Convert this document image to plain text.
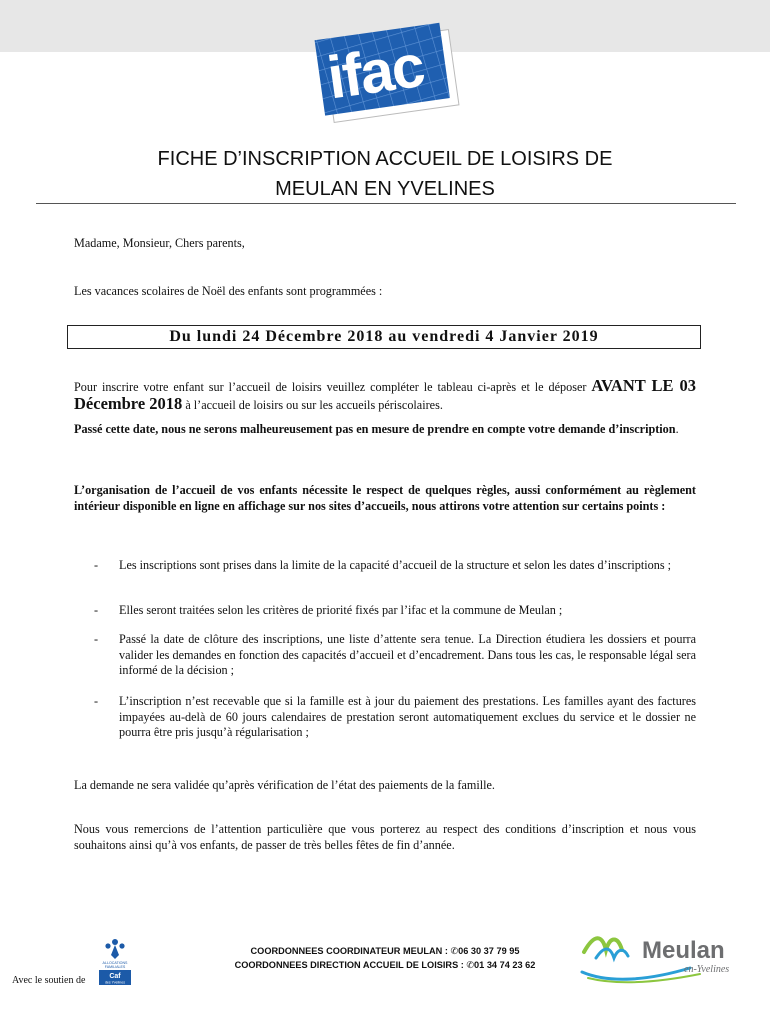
ifac
FICHE D’INSCRIPTION ACCUEIL DE LOISIRS DE
MEULAN EN YVELINES
Madame, Monsieur, Chers parents,
Les vacances scolaires de Noël des enfants sont programmées :
Du lundi 24 Décembre 2018 au vendredi 4 Janvier 2019
Pour inscrire votre enfant sur l’accueil de loisirs veuillez compléter le tableau ci-après et le déposer AVANT LE 03 Décembre 2018 à l’accueil de loisirs ou sur les accueils périscolaires.
Passé cette date, nous ne serons malheureusement pas en mesure de prendre en compte votre demande d’inscription.
L’organisation de l’accueil de vos enfants nécessite le respect de quelques règles, aussi conformément au règlement intérieur disponible en ligne en affichage sur nos sites d’accueils, nous attirons votre attention sur certains points :
- Les inscriptions sont prises dans la limite de la capacité d’accueil de la structure et selon les dates d’inscriptions ;
- Elles seront traitées selon les critères de priorité fixés par l’ifac et la commune de Meulan ;
- Passé la date de clôture des inscriptions, une liste d’attente sera tenue. La Direction étudiera les dossiers et pourra valider les demandes en fonction des capacités d’accueil et d’encadrement. Dans tous les cas, le responsable légal sera informé de la décision ;
- L’inscription n’est recevable que si la famille est à jour du paiement des prestations. Les familles ayant des factures impayées au-delà de 60 jours calendaires de prestation seront automatiquement exclues du service et le dossier ne pourra être pris jusqu’à régularisation ;
La demande ne sera validée qu’après vérification de l’état des paiements de la famille.
Nous vous remercions de l’attention particulière que vous porterez au respect des conditions d’inscription et nous vous souhaitons ainsi qu’à vos enfants, de passer de très belles fêtes de fin d’année.
ALLOCATIONS
FAMILIALES
Caf
des Yvelines
Avec le soutien de
COORDONNEES COORDINATEUR MEULAN : ✆06 30 37 79 95
COORDONNEES DIRECTION ACCUEIL DE LOISIRS : ✆01 34 74 23 62
Meulan
en-Yvelines
